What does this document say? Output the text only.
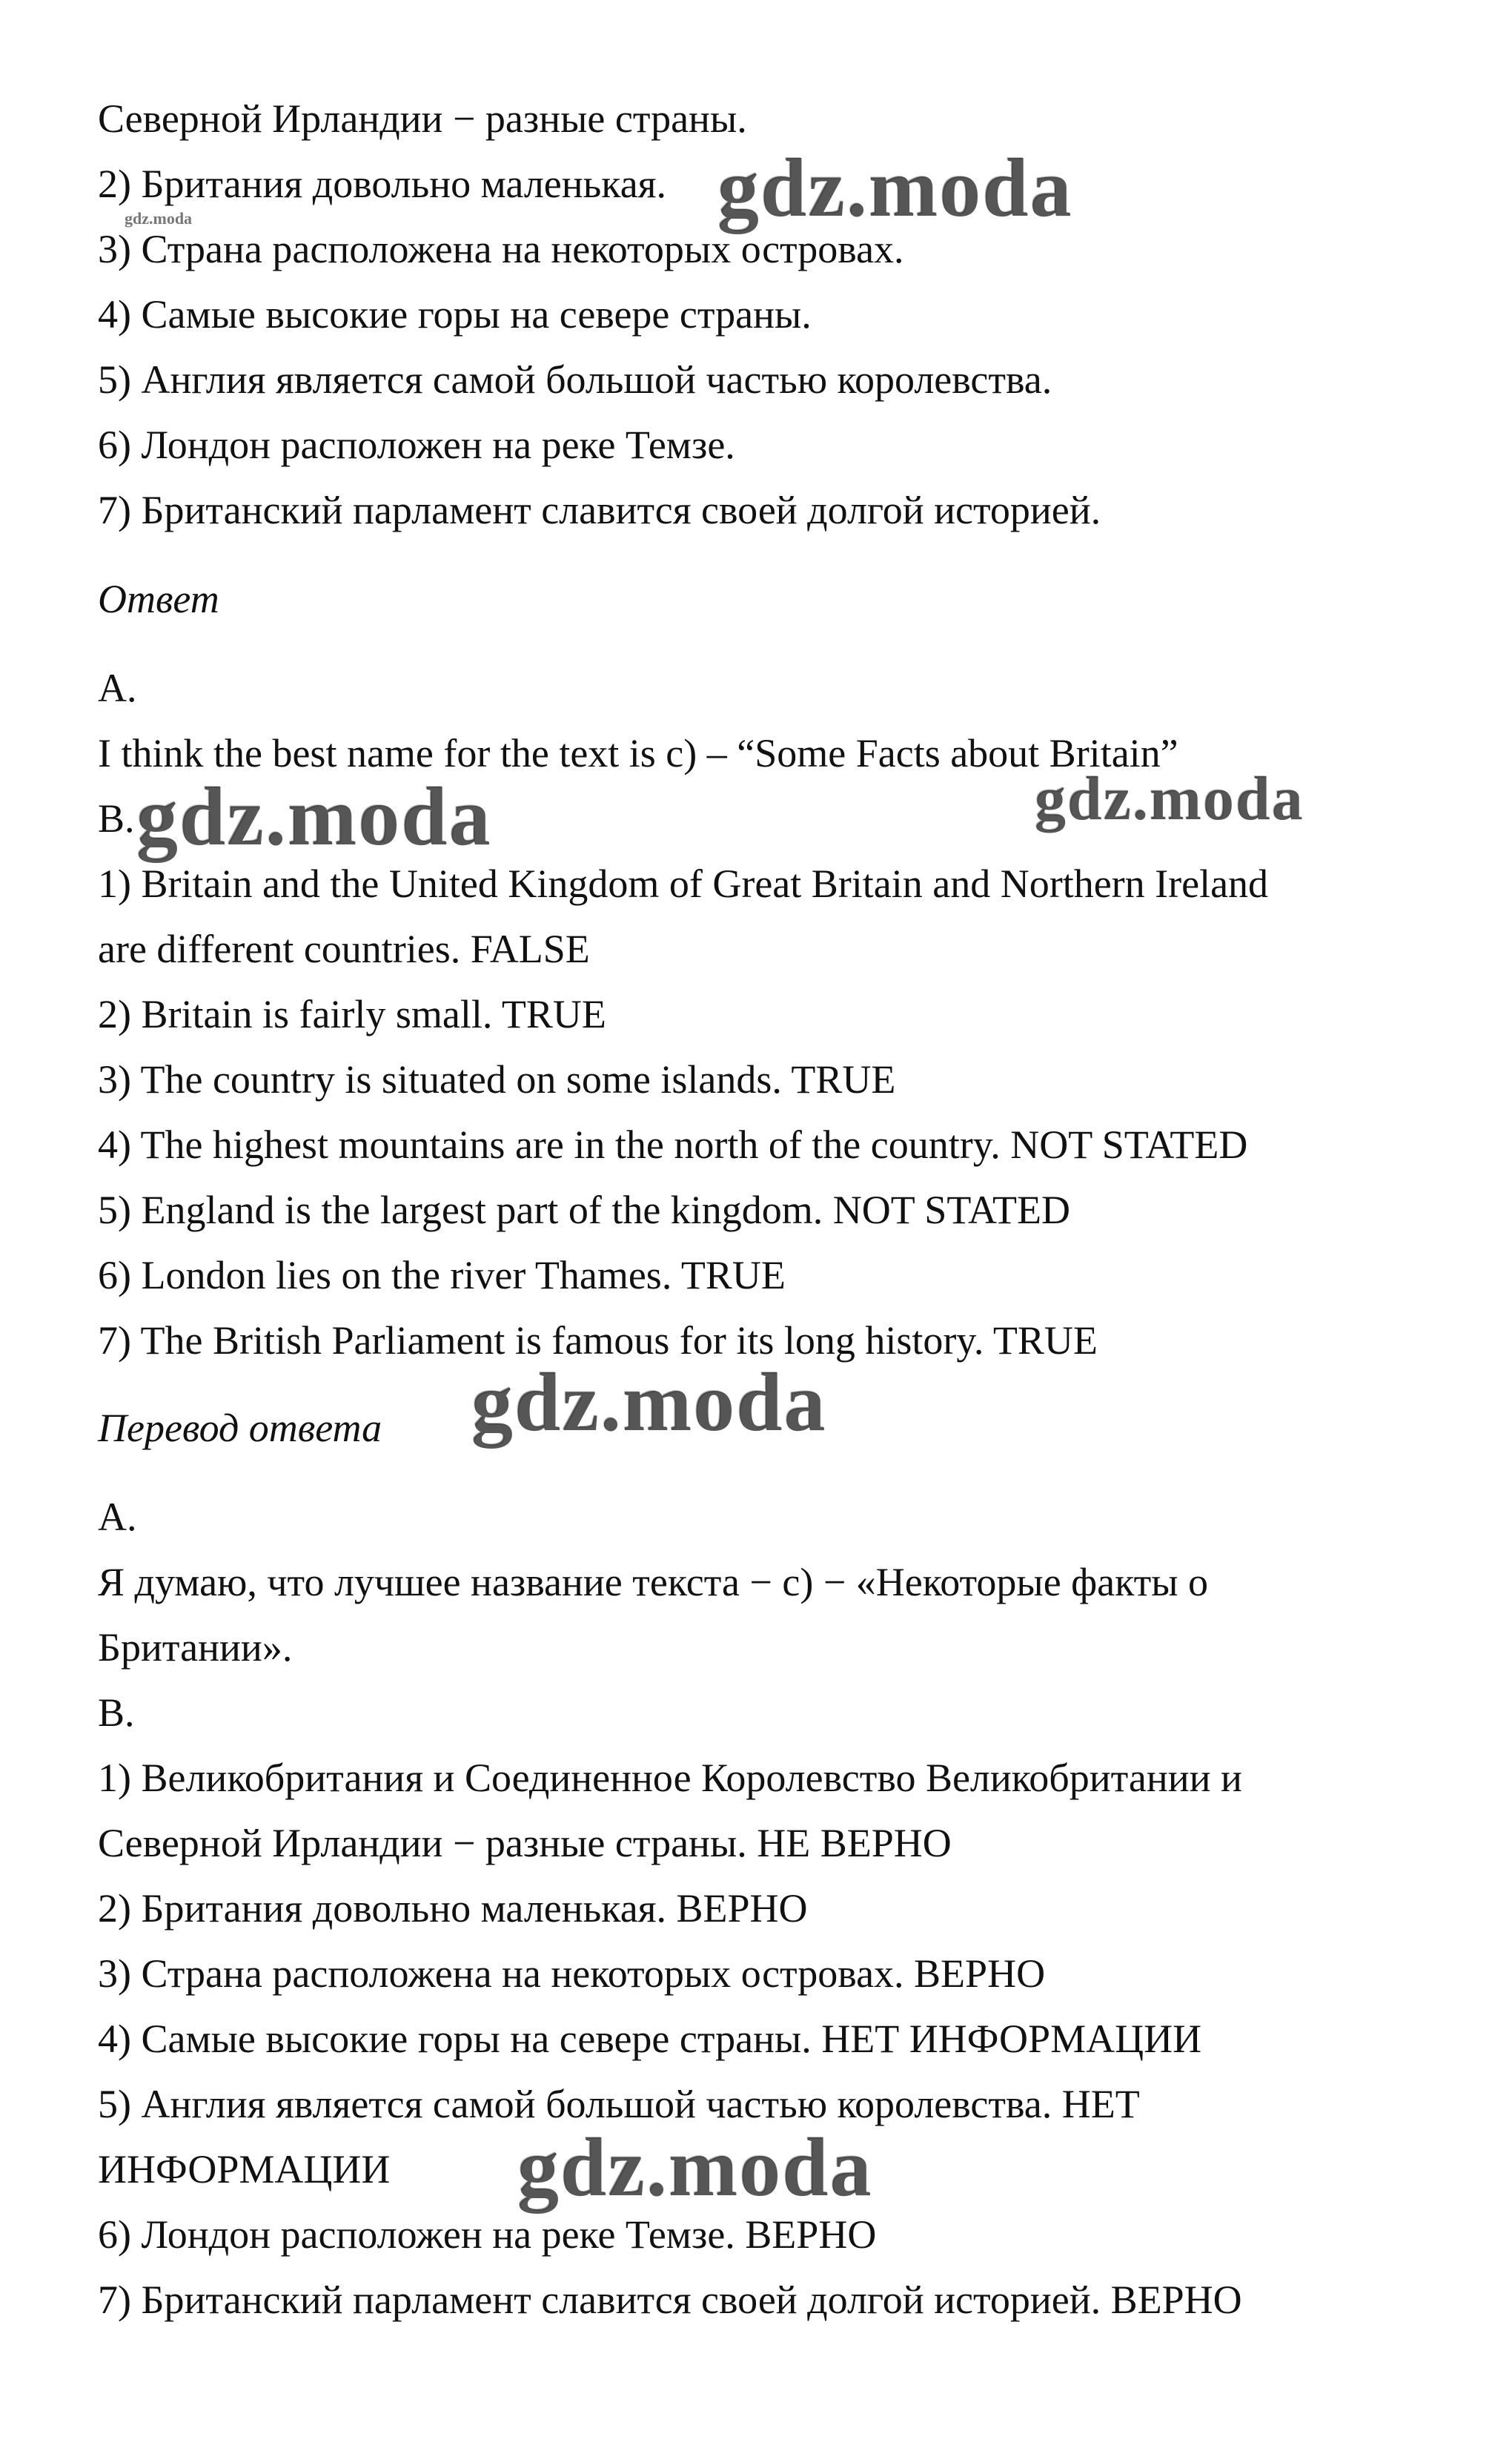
Северной Ирландии − разные страны.
2) Британия довольно маленькая.
3) Страна расположена на некоторых островах.
4) Самые высокие горы на севере страны.
5) Англия является самой большой частью королевства.
6) Лондон расположен на реке Темзе.
7) Британский парламент славится своей долгой историей.
Ответ
A.
I think the best name for the text is c) – “Some Facts about Britain”
B.
1) Britain and the United Kingdom of Great Britain and Northern Ireland
are different countries. FALSE
2) Britain is fairly small. TRUE
3) The country is situated on some islands. TRUE
4) The highest mountains are in the north of the country. NOT STATED
5) England is the largest part of the kingdom. NOT STATED
6) London lies on the river Thames. TRUE
7) The British Parliament is famous for its long history. TRUE
Перевод ответа
A.
Я думаю, что лучшее название текста − c) − «Некоторые факты о
Британии».
B.
1) Великобритания и Соединенное Королевство Великобритании и
Северной Ирландии − разные страны. НЕ ВЕРНО
2) Британия довольно маленькая. ВЕРНО
3) Страна расположена на некоторых островах. ВЕРНО
4) Самые высокие горы на севере страны. НЕТ ИНФОРМАЦИИ
5) Англия является самой большой частью королевства. НЕТ
ИНФОРМАЦИИ
6) Лондон расположен на реке Темзе. ВЕРНО
7) Британский парламент славится своей долгой историей. ВЕРНО
gdz.moda
gdz.moda
gdz.moda	gdz.moda
gdz.moda
gdz.moda
